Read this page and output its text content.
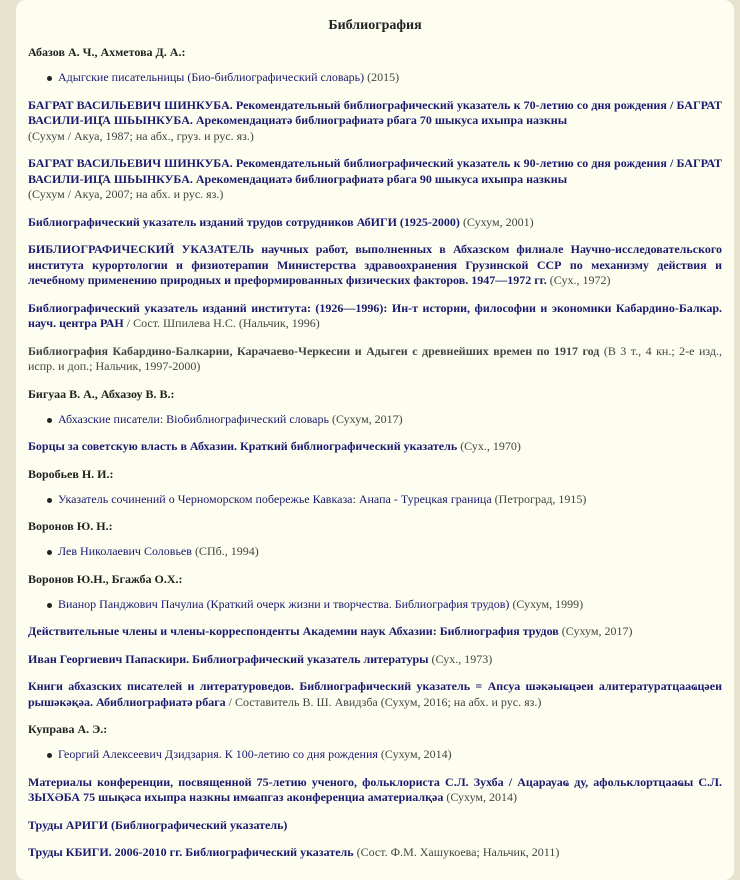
Библиография
Абазов А. Ч., Ахметова Д. А.:
Адыгские писательницы (Био-библиографический словарь) (2015)
БАГРАТ ВАСИЛЬЕВИЧ ШИНКУБА. Рекомендательный библиографический указатель к 70-летию со дня рождения / БАГРАТ ВАСИЛИ-ИЦ̆А ШЬЫНКУБА. Арекомендациатә библиографиатә рбага 70 шыкуса ихыпра назкны
(Сухум / Акуа, 1987; на абх., груз. и рус. яз.)
БАГРАТ ВАСИЛЬЕВИЧ ШИНКУБА. Рекомендательный библиографический указатель к 90-летию со дня рождения / БАГРАТ ВАСИЛИ-ИЦ̆А ШЬЫНКУБА. Арекомендациатә библиографиатә рбага 90 шыкуса ихыпра назкны
(Сухум / Акуа, 2007; на абх. и рус. яз.)
Библиографический указатель изданий трудов сотрудников АбИГИ (1925-2000) (Сухум, 2001)
БИБЛИОГРАФИЧЕСКИЙ УКАЗАТЕЛЬ научных работ, выполненных в Абхазском филиале Научно-исследовательского института курортологии и физиотерапии Министерства здравоохранения Грузинской ССР по механизму действия и лечебному применению природных и преформированных физических факторов. 1947—1972 гг. (Сух., 1972)
Библиографический указатель изданий института: (1926—1996): Ин-т истории, философии и экономики Кабардино-Балкар. науч. центра РАН / Сост. Шпилева Н.С. (Нальчик, 1996)
Библиография Кабардино-Балкарии, Карачаево-Черкесии и Адыгеи с древнейших времен по 1917 год (В 3 т., 4 кн.; 2-е изд., испр. и доп.; Нальчик, 1997-2000)
Бигуаа В. А., Абхазоу В. В.:
Абхазские писатели: Biобиблиографический словарь (Сухум, 2017)
Борцы за советскую власть в Абхазии. Краткий библиографический указатель (Сух., 1970)
Воробьев Н. И.:
Указатель сочинений о Черноморском побережье Кавказа: Анапа - Турецкая граница (Петроград, 1915)
Воронов Ю. Н.:
Лев Николаевич Соловьев (СПб., 1994)
Воронов Ю.Н., Бгажба О.Х.:
Вианор Панджович Пачулиа (Краткий очерк жизни и творчества. Библиография трудов) (Сухум, 1999)
Действительные члены и члены-корреспонденты Академии наук Абхазии: Библиография трудов (Сухум, 2017)
Иван Георгиевич Папаскири. Библиографический указатель литературы (Сух., 1973)
Книги абхазских писателей и литературоведов. Библиографический указатель = Апсуа шәкәыҩцәеи алитературатцааҩцәеи рышәкәқәа. Абиблиографиатә рбага / Составитель В. Ш. Авидзба (Сухум, 2016; на абх. и рус. яз.)
Куправа А. Э.:
Георгий Алексеевич Дзидзария. К 100-летию со дня рождения (Сухум, 2014)
Материалы конференции, посвященной 75-летию ученого, фольклориста С.Л. Зухба / Ацарауаҩ ду, афольклортцааҩы С.Л. ЗЫХӘБА 75 шықәса ихыпра назкны имҩапгаз аконференциа аматериалқәа (Сухум, 2014)
Труды АРИГИ (Библиографический указатель)
Труды КБИГИ. 2006-2010 гг. Библиографический указатель (Сост. Ф.М. Хашукоева; Нальчик, 2011)
